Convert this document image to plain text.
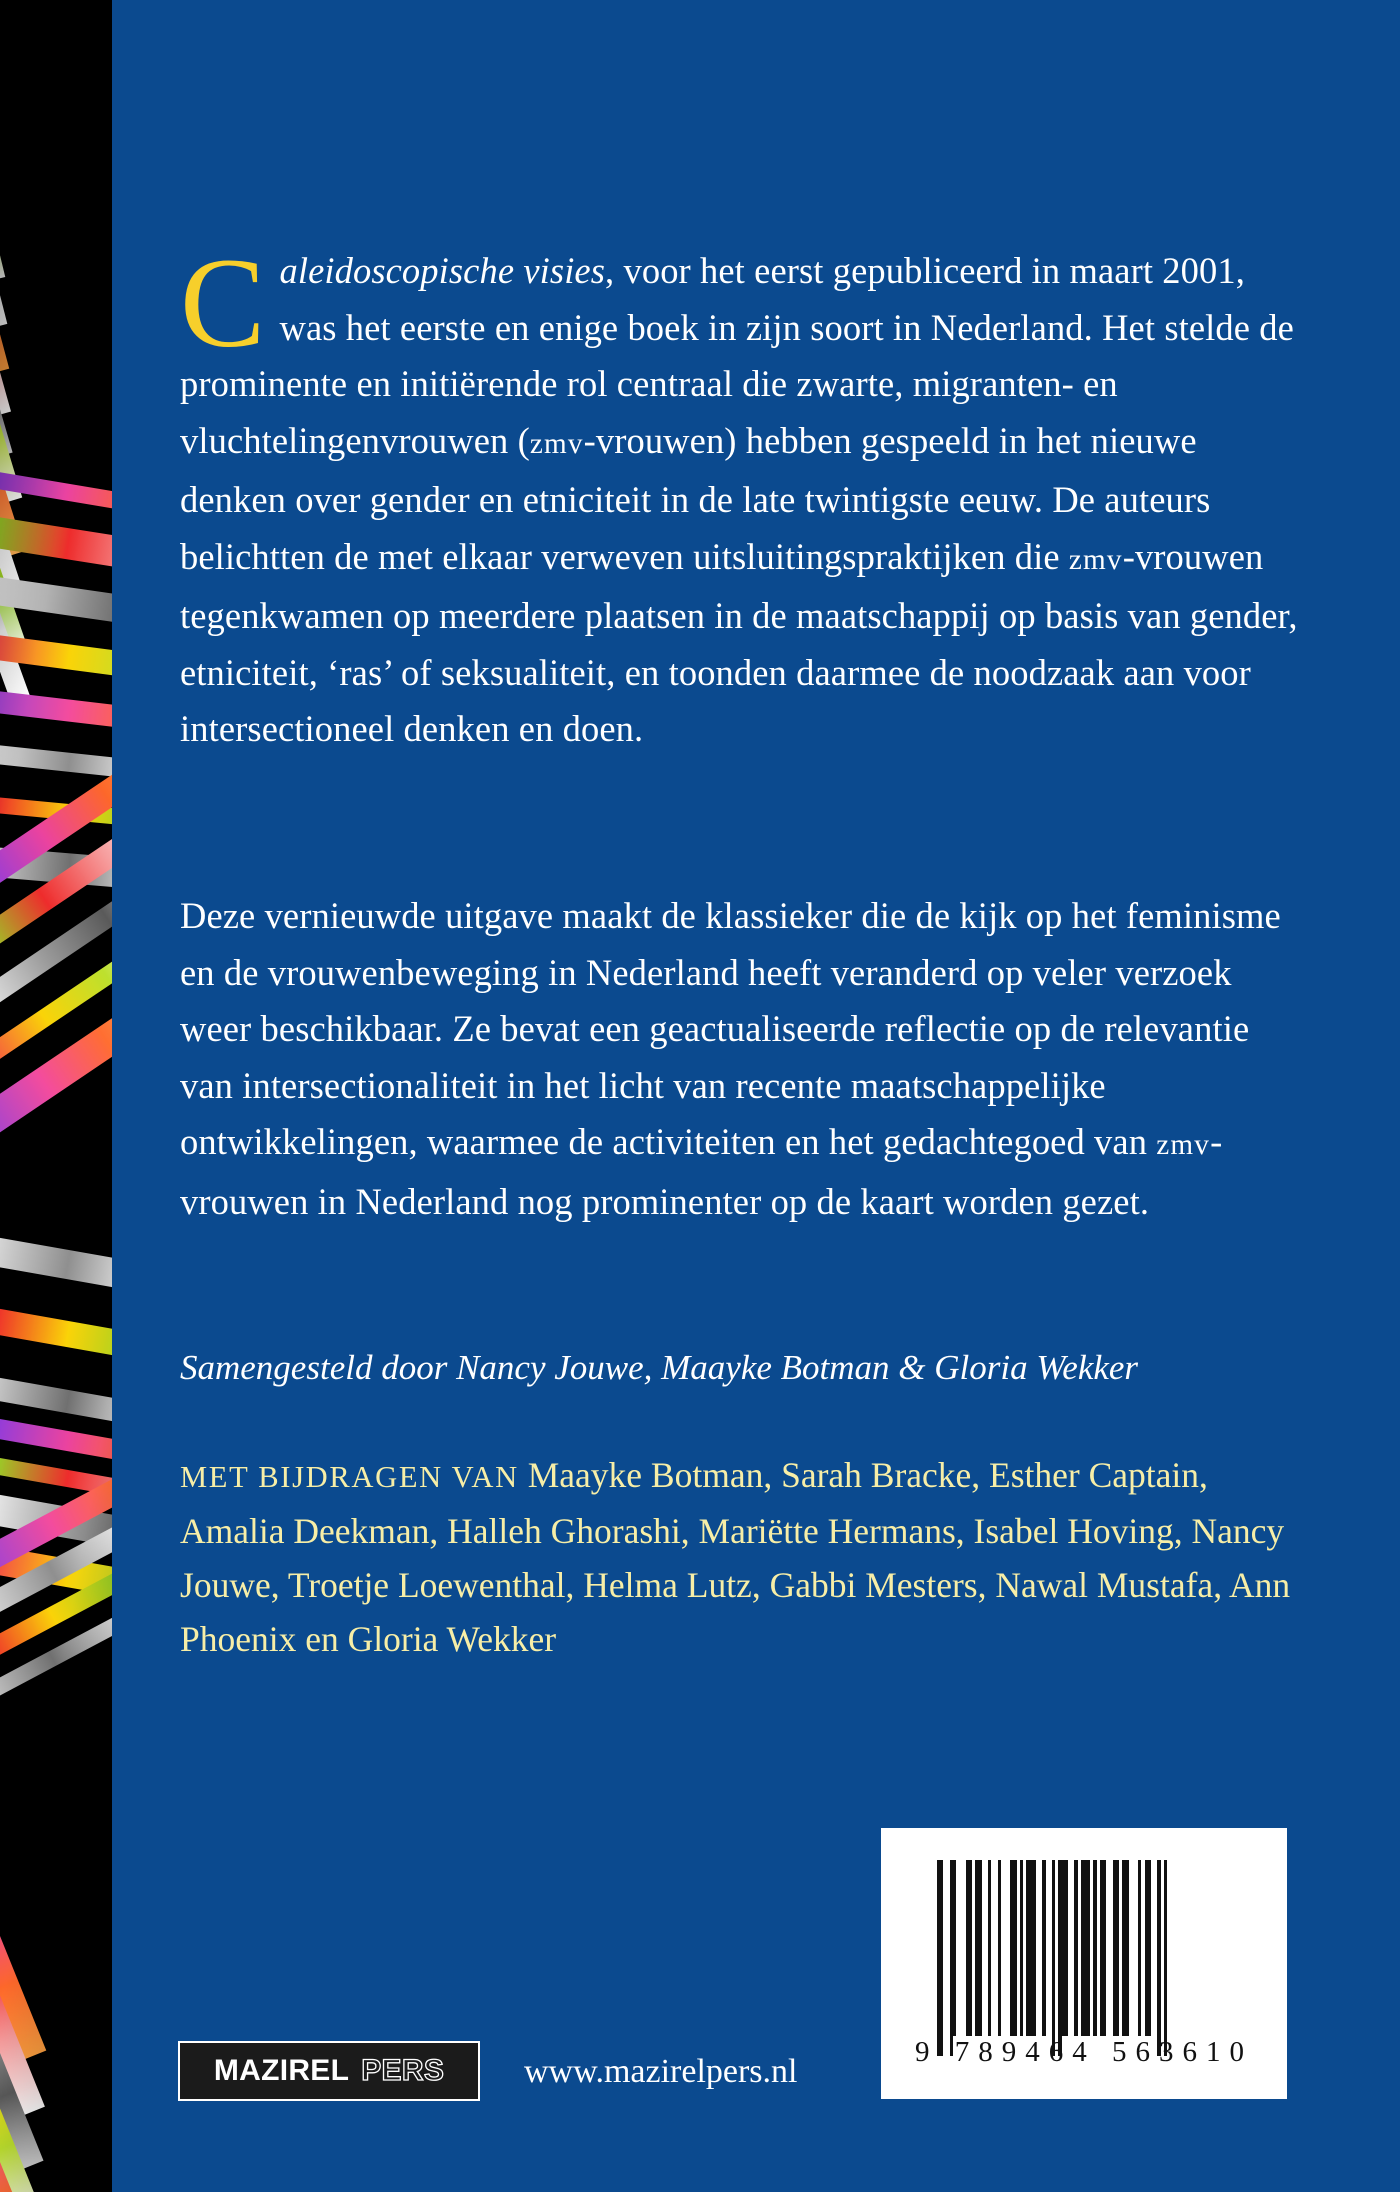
Caleidoscopische visies, voor het eerst gepubliceerd in maart 2001, was het eerste en enige boek in zijn soort in Nederland. Het stelde de prominente en initiërende rol centraal die zwarte, migranten- en vluchtelingenvrouwen (zmv-vrouwen) hebben gespeeld in het nieuwe denken over gender en etniciteit in de late twintigste eeuw. De auteurs belichtten de met elkaar verweven uitsluitingspraktijken die zmv-vrouwen tegenkwamen op meerdere plaatsen in de maatschappij op basis van gender, etniciteit, ‘ras’ of seksualiteit, en toonden daarmee de noodzaak aan voor intersectioneel denken en doen.
Deze vernieuwde uitgave maakt de klassieker die de kijk op het feminisme en de vrouwenbeweging in Nederland heeft veranderd op veler verzoek weer beschikbaar. Ze bevat een geactualiseerde reflectie op de relevantie van intersectionaliteit in het licht van recente maatschappelijke ontwikkelingen, waarmee de activiteiten en het gedachtegoed van zmv-vrouwen in Nederland nog prominenter op de kaart worden gezet.
Samengesteld door Nancy Jouwe, Maayke Botman & Gloria Wekker
MET BIJDRAGEN VAN Maayke Botman, Sarah Bracke, Esther Captain, Amalia Deekman, Halleh Ghorashi, Mariëtte Hermans, Isabel Hoving, Nancy Jouwe, Troetje Loewenthal, Helma Lutz, Gabbi Mesters, Nawal Mustafa, Ann Phoenix en Gloria Wekker
9 789464 563610
MAZIREL PERS www.mazirelpers.nl
